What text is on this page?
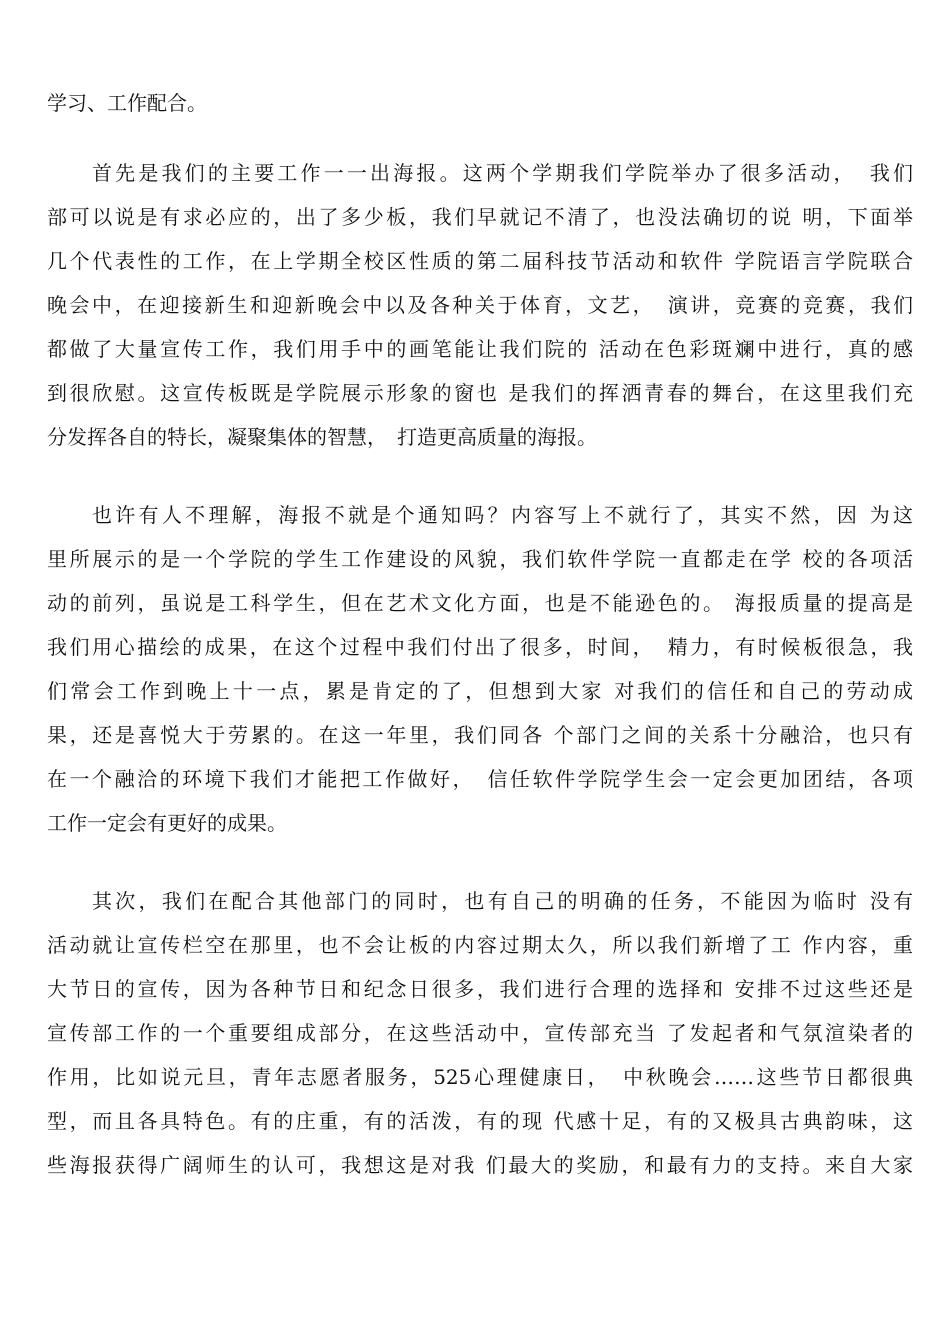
学习、工作配合。

首先是我们的主要工作一一出海报。这两个学期我们学院举办了很多活动，　我们

部可以说是有求必应的，出了多少板，我们早就记不清了，也没法确切的说 明，下面举

几个代表性的工作，在上学期全校区性质的第二届科技节活动和软件 学院语言学院联合

晚会中，在迎接新生和迎新晚会中以及各种关于体育，文艺，　演讲，竞赛的竞赛，我们

都做了大量宣传工作，我们用手中的画笔能让我们院的 活动在色彩斑斓中进行，真的感

到很欣慰。这宣传板既是学院展示形象的窗也 是我们的挥洒青春的舞台，在这里我们充

分发挥各自的特长，凝聚集体的智慧，　打造更高质量的海报。

也许有人不理解，海报不就是个通知吗？内容写上不就行了，其实不然，因 为这

里所展示的是一个学院的学生工作建设的风貌，我们软件学院一直都走在学 校的各项活

动的前列，虽说是工科学生，但在艺术文化方面，也是不能逊色的。 海报质量的提高是

我们用心描绘的成果，在这个过程中我们付出了很多，时间，　精力，有时候板很急，我

们常会工作到晚上十一点，累是肯定的了，但想到大家 对我们的信任和自己的劳动成

果，还是喜悦大于劳累的。在这一年里，我们同各 个部门之间的关系十分融洽，也只有

在一个融洽的环境下我们才能把工作做好，　信任软件学院学生会一定会更加团结，各项

工作一定会有更好的成果。

其次，我们在配合其他部门的同时，也有自己的明确的任务，不能因为临时 没有

活动就让宣传栏空在那里，也不会让板的内容过期太久，所以我们新增了工 作内容，重

大节日的宣传，因为各种节日和纪念日很多，我们进行合理的选择和 安排不过这些还是

宣传部工作的一个重要组成部分，在这些活动中，宣传部充当 了发起者和气氛渲染者的

作用，比如说元旦，青年志愿者服务，525心理健康日，　中秋晚会……这些节日都很典

型，而且各具特色。有的庄重，有的活泼，有的现 代感十足，有的又极具古典韵味，这

些海报获得广阔师生的认可，我想这是对我 们最大的奖励，和最有力的支持。来自大家
